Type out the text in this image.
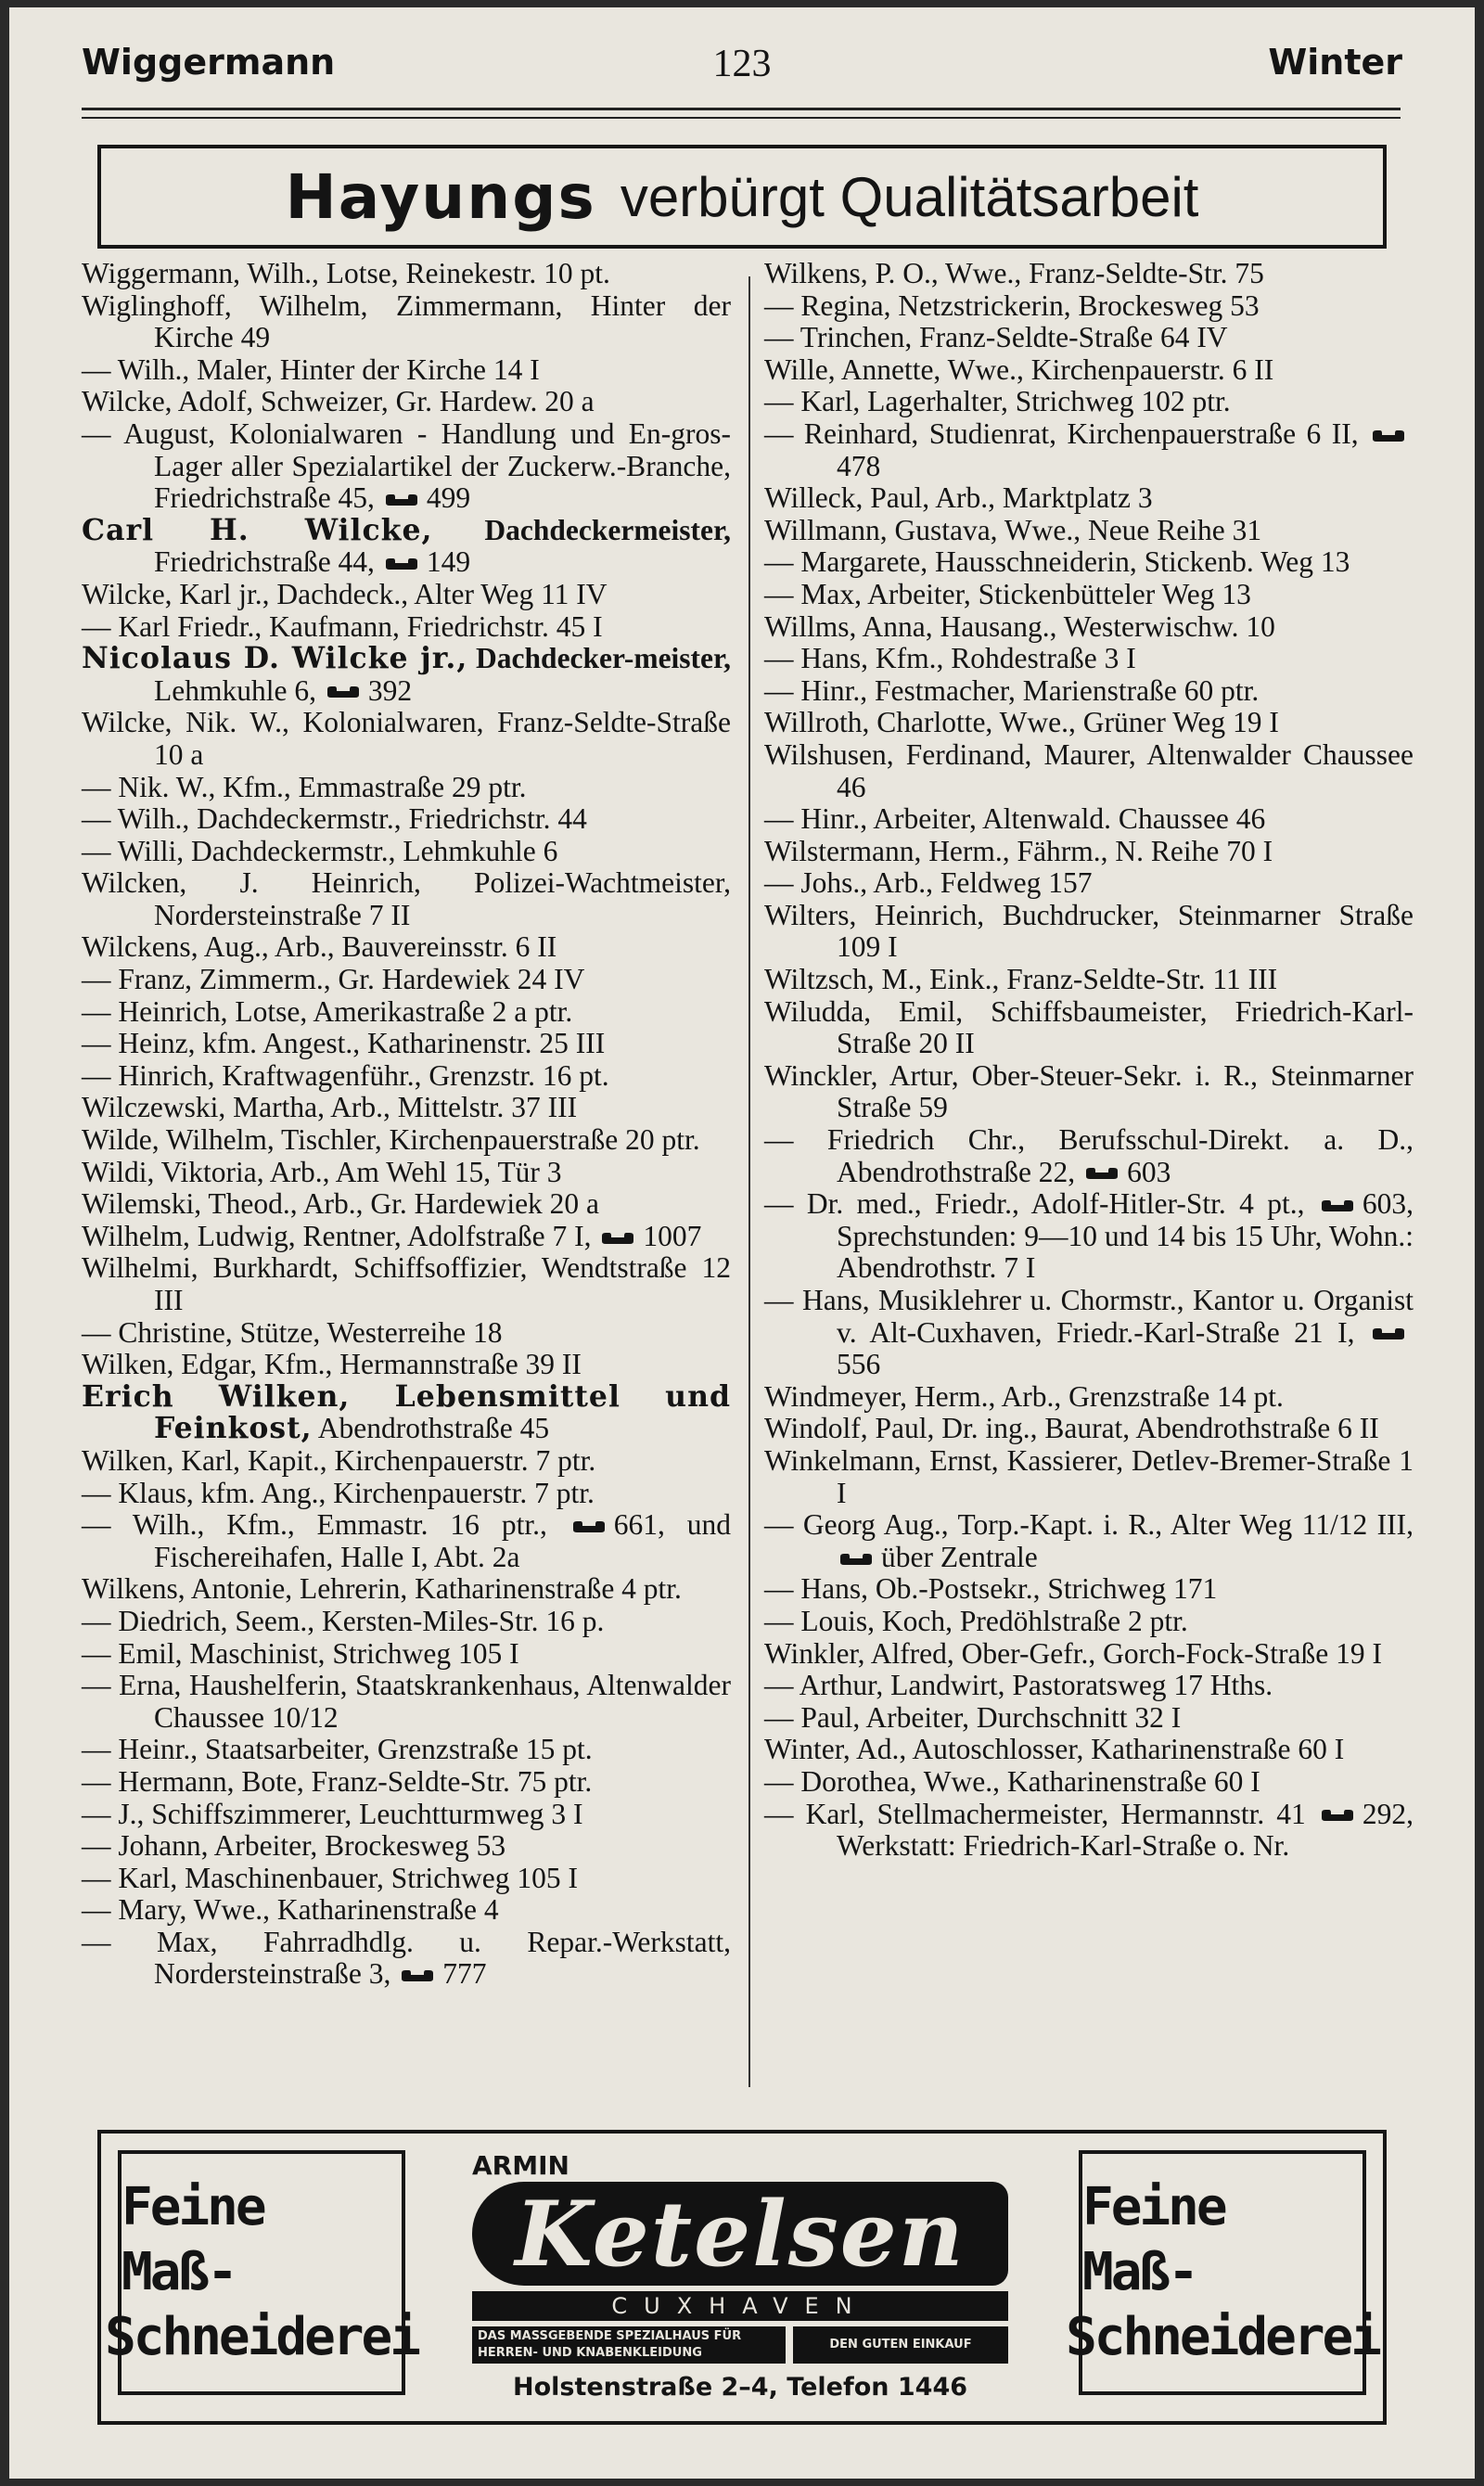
Wiggermann	123	Winter
Hayungs verbürgt Qualitätsarbeit

Wiggermann, Wilh., Lotse, Reinekestr. 10 pt.

Wiglinghoff, Wilhelm, Zimmermann, Hinter der Kirche 49

— Wilh., Maler, Hinter der Kirche 14 I

Wilcke, Adolf, Schweizer, Gr. Hardew. 20 a

— August, Kolonialwaren - Handlung und En-gros-Lager aller Spezialartikel der Zuckerw.-Branche, Friedrichstraße 45, 499

Carl H. Wilcke, Dachdeckermeister, Friedrichstraße 44, 149

Wilcke, Karl jr., Dachdeck., Alter Weg 11 IV

— Karl Friedr., Kaufmann, Friedrichstr. 45 I

Nicolaus D. Wilcke jr., Dachdecker-meister, Lehmkuhle 6, 392

Wilcke, Nik. W., Kolonialwaren, Franz-Seldte-Straße 10 a

— Nik. W., Kfm., Emmastraße 29 ptr.

— Wilh., Dachdeckermstr., Friedrichstr. 44

— Willi, Dachdeckermstr., Lehmkuhle 6

Wilcken, J. Heinrich, Polizei-Wachtmeister, Nordersteinstraße 7 II

Wilckens, Aug., Arb., Bauvereinsstr. 6 II

— Franz, Zimmerm., Gr. Hardewiek 24 IV

— Heinrich, Lotse, Amerikastraße 2 a ptr.

— Heinz, kfm. Angest., Katharinenstr. 25 III

— Hinrich, Kraftwagenführ., Grenzstr. 16 pt.

Wilczewski, Martha, Arb., Mittelstr. 37 III

Wilde, Wilhelm, Tischler, Kirchenpauerstraße 20 ptr.

Wildi, Viktoria, Arb., Am Wehl 15, Tür 3

Wilemski, Theod., Arb., Gr. Hardewiek 20 a

Wilhelm, Ludwig, Rentner, Adolfstraße 7 I, 1007

Wilhelmi, Burkhardt, Schiffsoffizier, Wendtstraße 12 III

— Christine, Stütze, Westerreihe 18

Wilken, Edgar, Kfm., Hermannstraße 39 II

Erich Wilken, Lebensmittel und Feinkost, Abendrothstraße 45

Wilken, Karl, Kapit., Kirchenpauerstr. 7 ptr.

— Klaus, kfm. Ang., Kirchenpauerstr. 7 ptr.

— Wilh., Kfm., Emmastr. 16 ptr., 661, und Fischereihafen, Halle I, Abt. 2a

Wilkens, Antonie, Lehrerin, Katharinenstraße 4 ptr.

— Diedrich, Seem., Kersten-Miles-Str. 16 p.

— Emil, Maschinist, Strichweg 105 I

— Erna, Haushelferin, Staatskrankenhaus, Altenwalder Chaussee 10/12

— Heinr., Staatsarbeiter, Grenzstraße 15 pt.

— Hermann, Bote, Franz-Seldte-Str. 75 ptr.

— J., Schiffszimmerer, Leuchtturmweg 3 I

— Johann, Arbeiter, Brockesweg 53

— Karl, Maschinenbauer, Strichweg 105 I

— Mary, Wwe., Katharinenstraße 4

— Max, Fahrradhdlg. u. Repar.-Werkstatt, Nordersteinstraße 3, 777

Wilkens, P. O., Wwe., Franz-Seldte-Str. 75

— Regina, Netzstrickerin, Brockesweg 53

— Trinchen, Franz-Seldte-Straße 64 IV

Wille, Annette, Wwe., Kirchenpauerstr. 6 II

— Karl, Lagerhalter, Strichweg 102 ptr.

— Reinhard, Studienrat, Kirchenpauerstraße 6 II, 478

Willeck, Paul, Arb., Marktplatz 3

Willmann, Gustava, Wwe., Neue Reihe 31

— Margarete, Hausschneiderin, Stickenb. Weg 13

— Max, Arbeiter, Stickenbütteler Weg 13

Willms, Anna, Hausang., Westerwischw. 10

— Hans, Kfm., Rohdestraße 3 I

— Hinr., Festmacher, Marienstraße 60 ptr.

Willroth, Charlotte, Wwe., Grüner Weg 19 I

Wilshusen, Ferdinand, Maurer, Altenwalder Chaussee 46

— Hinr., Arbeiter, Altenwald. Chaussee 46

Wilstermann, Herm., Fährm., N. Reihe 70 I

— Johs., Arb., Feldweg 157

Wilters, Heinrich, Buchdrucker, Steinmarner Straße 109 I

Wiltzsch, M., Eink., Franz-Seldte-Str. 11 III

Wiludda, Emil, Schiffsbaumeister, Friedrich-Karl-Straße 20 II

Winckler, Artur, Ober-Steuer-Sekr. i. R., Steinmarner Straße 59

— Friedrich Chr., Berufsschul-Direkt. a. D., Abendrothstraße 22, 603

— Dr. med., Friedr., Adolf-Hitler-Str. 4 pt., 603, Sprechstunden: 9—10 und 14 bis 15 Uhr, Wohn.: Abendrothstr. 7 I

— Hans, Musiklehrer u. Chormstr., Kantor u. Organist v. Alt-Cuxhaven, Friedr.-Karl-Straße 21 I, 556

Windmeyer, Herm., Arb., Grenzstraße 14 pt.

Windolf, Paul, Dr. ing., Baurat, Abendrothstraße 6 II

Winkelmann, Ernst, Kassierer, Detlev-Bremer-Straße 1 I

— Georg Aug., Torp.-Kapt. i. R., Alter Weg 11/12 III, über Zentrale

— Hans, Ob.-Postsekr., Strichweg 171

— Louis, Koch, Predöhlstraße 2 ptr.

Winkler, Alfred, Ober-Gefr., Gorch-Fock-Straße 19 I

— Arthur, Landwirt, Pastoratsweg 17 Hths.

— Paul, Arbeiter, Durchschnitt 32 I

Winter, Ad., Autoschlosser, Katharinenstraße 60 I

— Dorothea, Wwe., Katharinenstraße 60 I

— Karl, Stellmachermeister, Hermannstr. 41 292, Werkstatt: Friedrich-Karl-Straße o. Nr.

Feine Maß-
Schneiderei
ARMIN
Ketelsen
CUXHAVEN
DAS MASSGEBENDE SPEZIALHAUS FÜR HERREN- UND KNABENKLEIDUNG
DEN GUTEN EINKAUF
Holstenstraße 2–4, Telefon 1446
Feine Maß-
Schneiderei
